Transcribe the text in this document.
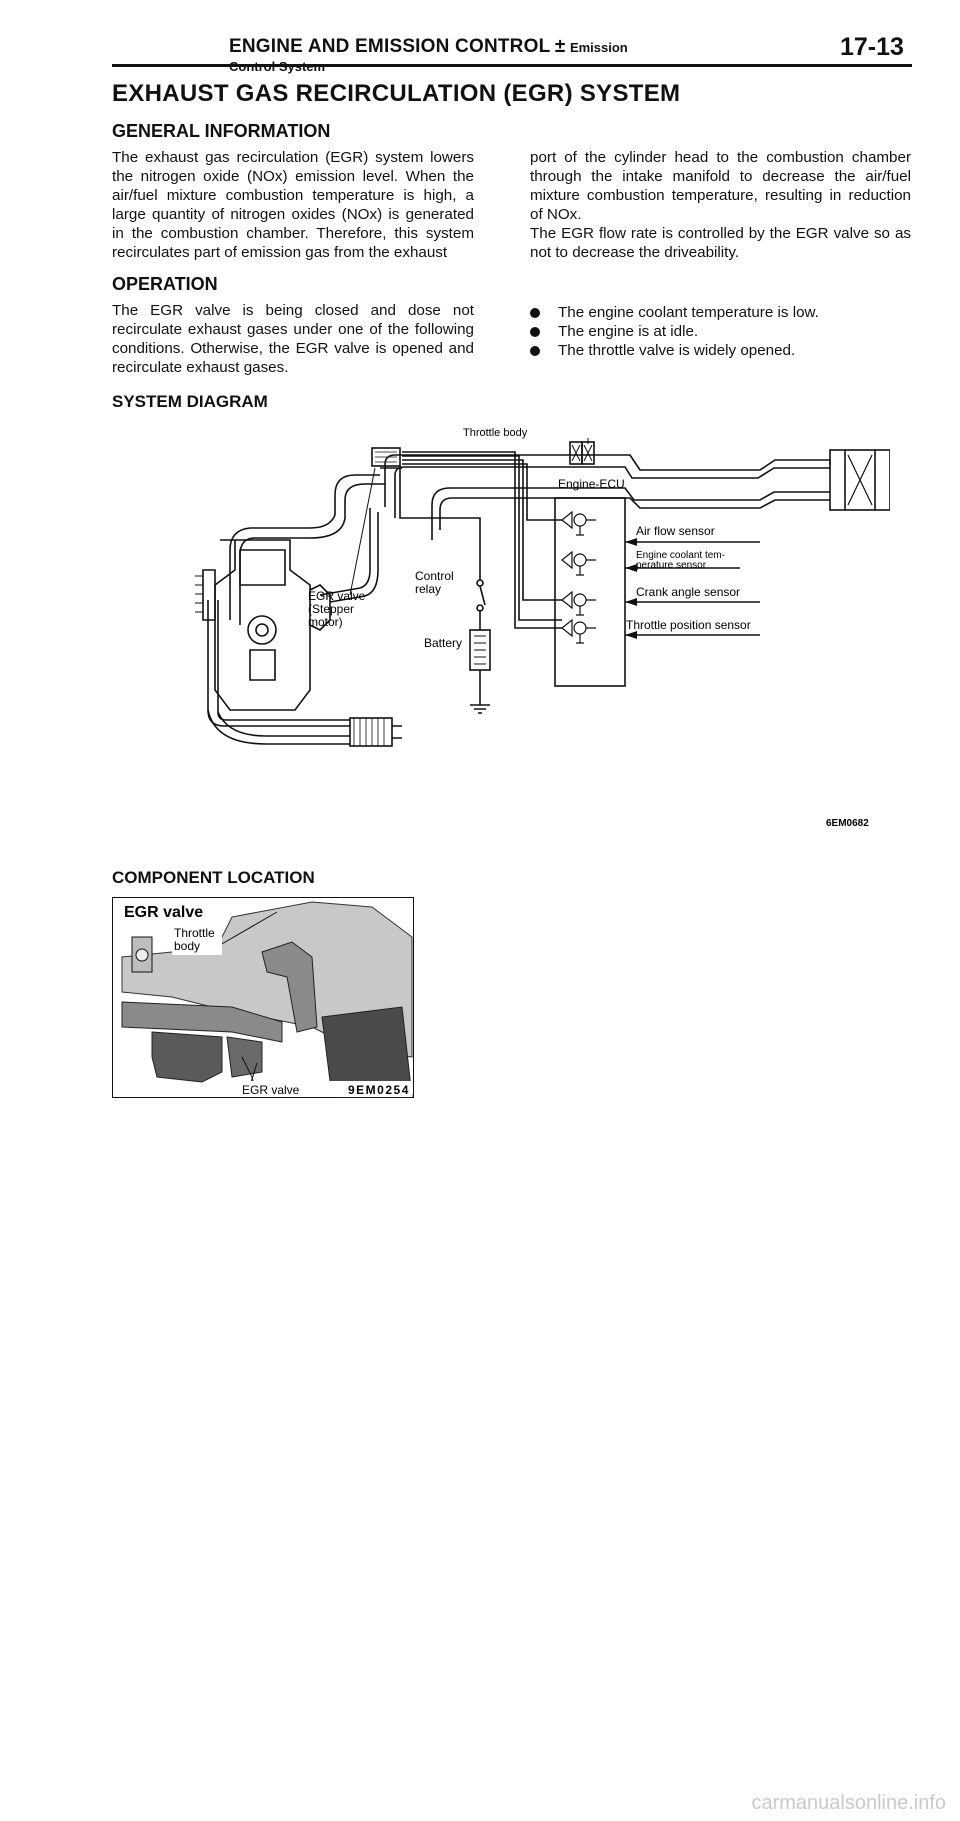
ENGINE AND EMISSION CONTROL ± Emission	17-13
EXHAUST GAS RECIRCULATION (EGR) SYSTEM
GENERAL INFORMATION

The exhaust gas recirculation (EGR) system lowers the nitrogen oxide (NOx) emission level. When the air/fuel mixture combustion temperature is high, a large quantity of nitrogen oxides (NOx) is generated in the combustion chamber. Therefore, this system recirculates part of emission gas from the exhaust

port of the cylinder head to the combustion chamber through the intake manifold to decrease the air/fuel mixture combustion temperature, resulting in reduction of NOx.

The EGR flow rate is controlled by the EGR valve so as not to decrease the driveability.

OPERATION

The EGR valve is being closed and dose not recirculate exhaust gases under one of the following conditions. Otherwise, the EGR valve is opened and recirculate exhaust gases.

The engine coolant temperature is low.
The engine is at idle.
The throttle valve is widely opened.
SYSTEM DIAGRAM
Throttle body
Engine-ECU
Air flow sensor
Engine coolant tem-
perature sensor
Crank angle sensor
Throttle position sensor
Control
relay
Battery
EGR valve
(Stepper
motor)
6EM0682
COMPONENT LOCATION
EGR valve
Throttle
body
EGR valve	9EM0254
carmanualsonline.info
